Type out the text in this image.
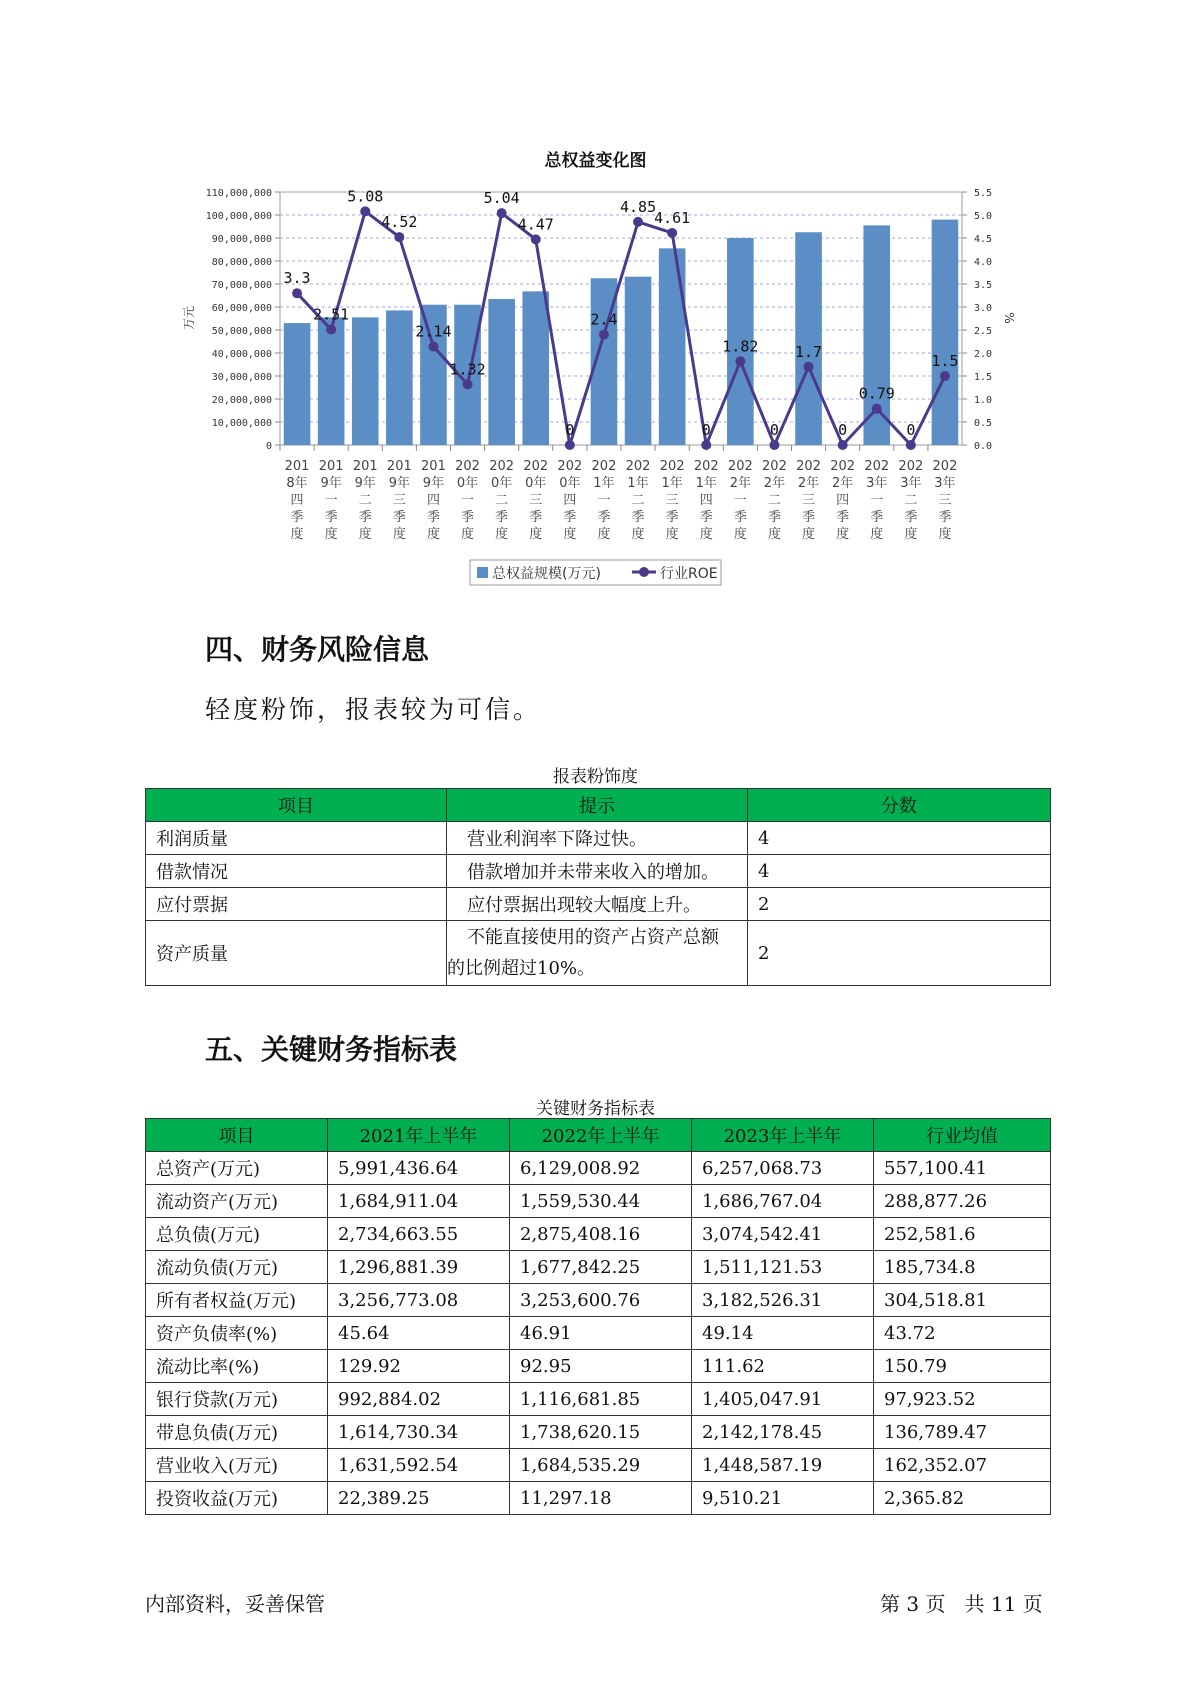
总权益变化图
0
10,000,000
20,000,000
30,000,000
40,000,000
50,000,000
60,000,000
70,000,000
80,000,000
90,000,000
100,000,000
110,000,000
0.0
0.5
1.0
1.5
2.0
2.5
3.0
3.5
4.0
4.5
5.0
5.5
万元	%
201 8年四季度
201 9年一季度
201 9年二季度
201 9年三季度
201 9年四季度
202 0年一季度
202 0年二季度
202 0年三季度
202 0年四季度
202 1年一季度
202 1年二季度
202 1年三季度
202 1年四季度
202 2年一季度
202 2年二季度
202 2年三季度
202 2年四季度
202 3年一季度
202 3年二季度
202 3年三季度
3.3
2.51
5.08
4.52
2.14
1.32
5.04
4.47
0
2.4
4.85
4.61
0
1.82
0
1.7
0
0.79
0
1.5
总权益规模(万元)	行业ROE
四、财务风险信息
轻度粉饰，报表较为可信。
报表粉饰度
项目	提示	分数
利润质量	营业利润率下降过快。	4
借款情况	借款增加并未带来收入的增加。	4
应付票据	应付票据出现较大幅度上升。	2
资产质量	不能直接使用的资产占资产总额
的比例超过10%。	2
五、关键财务指标表
关键财务指标表
项目	2021年上半年	2022年上半年	2023年上半年	行业均值
总资产(万元)	5,991,436.64	6,129,008.92	6,257,068.73	557,100.41
流动资产(万元)	1,684,911.04	1,559,530.44	1,686,767.04	288,877.26
总负债(万元)	2,734,663.55	2,875,408.16	3,074,542.41	252,581.6
流动负债(万元)	1,296,881.39	1,677,842.25	1,511,121.53	185,734.8
所有者权益(万元)	3,256,773.08	3,253,600.76	3,182,526.31	304,518.81
资产负债率(%)	45.64	46.91	49.14	43.72
流动比率(%)	129.92	92.95	111.62	150.79
银行贷款(万元)	992,884.02	1,116,681.85	1,405,047.91	97,923.52
带息负债(万元)	1,614,730.34	1,738,620.15	2,142,178.45	136,789.47
营业收入(万元)	1,631,592.54	1,684,535.29	1,448,587.19	162,352.07
投资收益(万元)	22,389.25	11,297.18	9,510.21	2,365.82
内部资料，妥善保管	第 3 页   共 11 页
